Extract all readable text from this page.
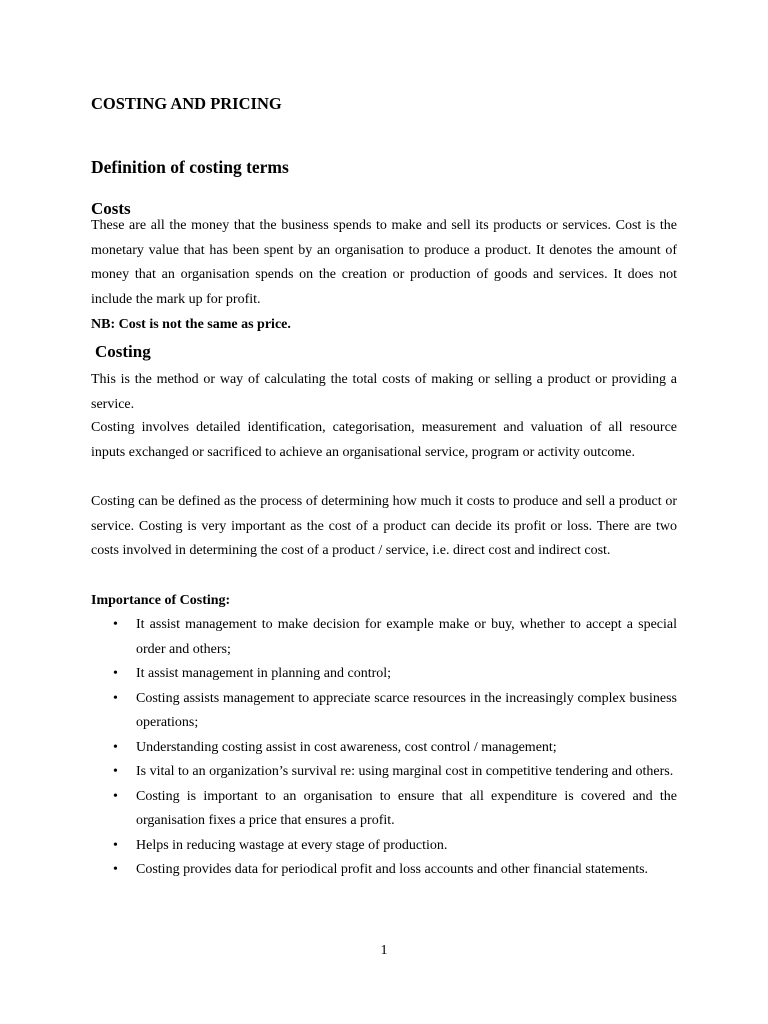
COSTING AND PRICING
Definition of costing terms
Costs

These are all the money that the business spends to make and sell its products or services. Cost is the monetary value that has been spent by an organisation to produce a product. It denotes the amount of money that an organisation spends on the creation or production of goods and services. It does not include the mark up for profit.

NB: Cost is not the same as price.

Costing

This is the method or way of calculating the total costs of making or selling a product or providing a service.

Costing involves detailed identification, categorisation, measurement and valuation of all resource inputs exchanged or sacrificed to achieve an organisational service, program or activity outcome.

Costing can be defined as the process of determining how much it costs to produce and sell a product or service. Costing is very important as the cost of a product can decide its profit or loss. There are two costs involved in determining the cost of a product / service, i.e. direct cost and indirect cost.

Importance of Costing:

• It assist management to make decision for example make or buy, whether to accept a special order and others;
• It assist management in planning and control;
• Costing assists management to appreciate scarce resources in the increasingly complex business operations;
• Understanding costing assist in cost awareness, cost control / management;
• Is vital to an organization’s survival re: using marginal cost in competitive tendering and others.
• Costing is important to an organisation to ensure that all expenditure is covered and the organisation fixes a price that ensures a profit.
• Helps in reducing wastage at every stage of production.
• Costing provides data for periodical profit and loss accounts and other financial statements.

1
